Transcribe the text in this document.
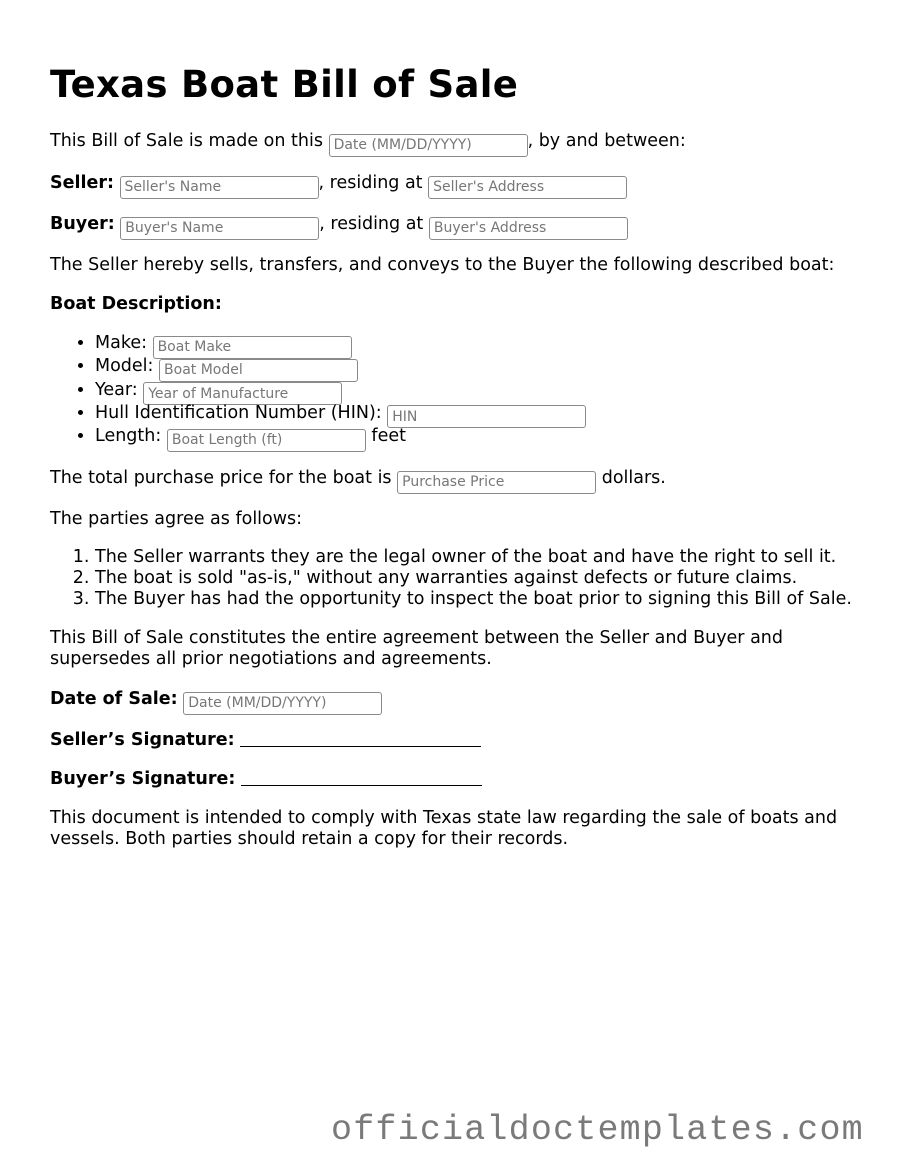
Texas Boat Bill of Sale
This Bill of Sale is made on this Date (MM/DD/YYYY)	, by and between:
Seller: Seller's Name	, residing at Seller's Address
Buyer: Buyer's Name	, residing at Buyer's Address
The Seller hereby sells, transfers, and conveys to the Buyer the following described boat:
Boat Description:
• Make: Boat Make
• Model: Boat Model
• Year: Year of Manufacture
• Hull Identification Number (HIN): HIN
• Length: Boat Length (ft)	feet
The total purchase price for the boat is Purchase Price	dollars.
The parties agree as follows:
1. The Seller warrants they are the legal owner of the boat and have the right to sell it.
2. The boat is sold "as-is," without any warranties against defects or future claims.
3. The Buyer has had the opportunity to inspect the boat prior to signing this Bill of Sale.
This Bill of Sale constitutes the entire agreement between the Seller and Buyer and supersedes all prior negotiations and agreements.
Date of Sale: Date (MM/DD/YYYY)
Seller’s Signature:
Buyer’s Signature:
This document is intended to comply with Texas state law regarding the sale of boats and vessels. Both parties should retain a copy for their records.
officialdoctemplates.com
